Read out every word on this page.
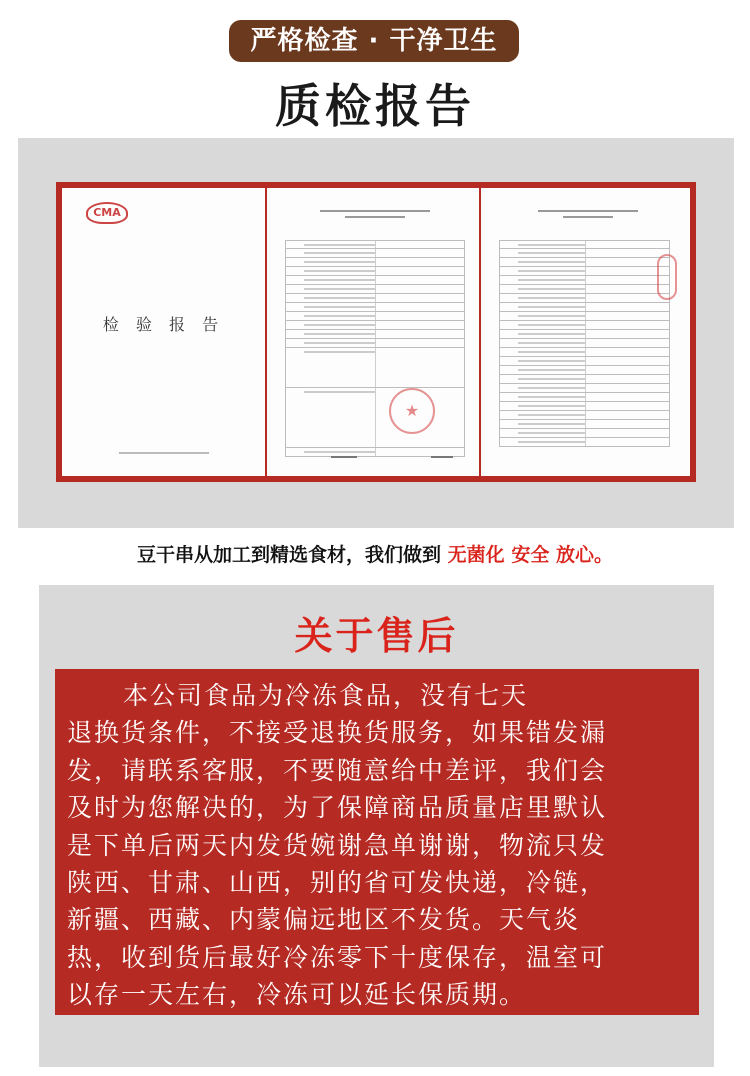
严格检查 · 干净卫生
质检报告
CMA
检 验 报 告
★
豆干串从加工到精选食材，我们做到 无菌化 安全 放心。
关于售后
本公司食品为冷冻食品，没有七天
退换货条件，不接受退换货服务，如果错发漏
发，请联系客服，不要随意给中差评，我们会
及时为您解决的，为了保障商品质量店里默认
是下单后两天内发货婉谢急单谢谢，物流只发
陕西、甘肃、山西，别的省可发快递，冷链，
新疆、西藏、内蒙偏远地区不发货。天气炎
热，收到货后最好冷冻零下十度保存，温室可
以存一天左右，冷冻可以延长保质期。
